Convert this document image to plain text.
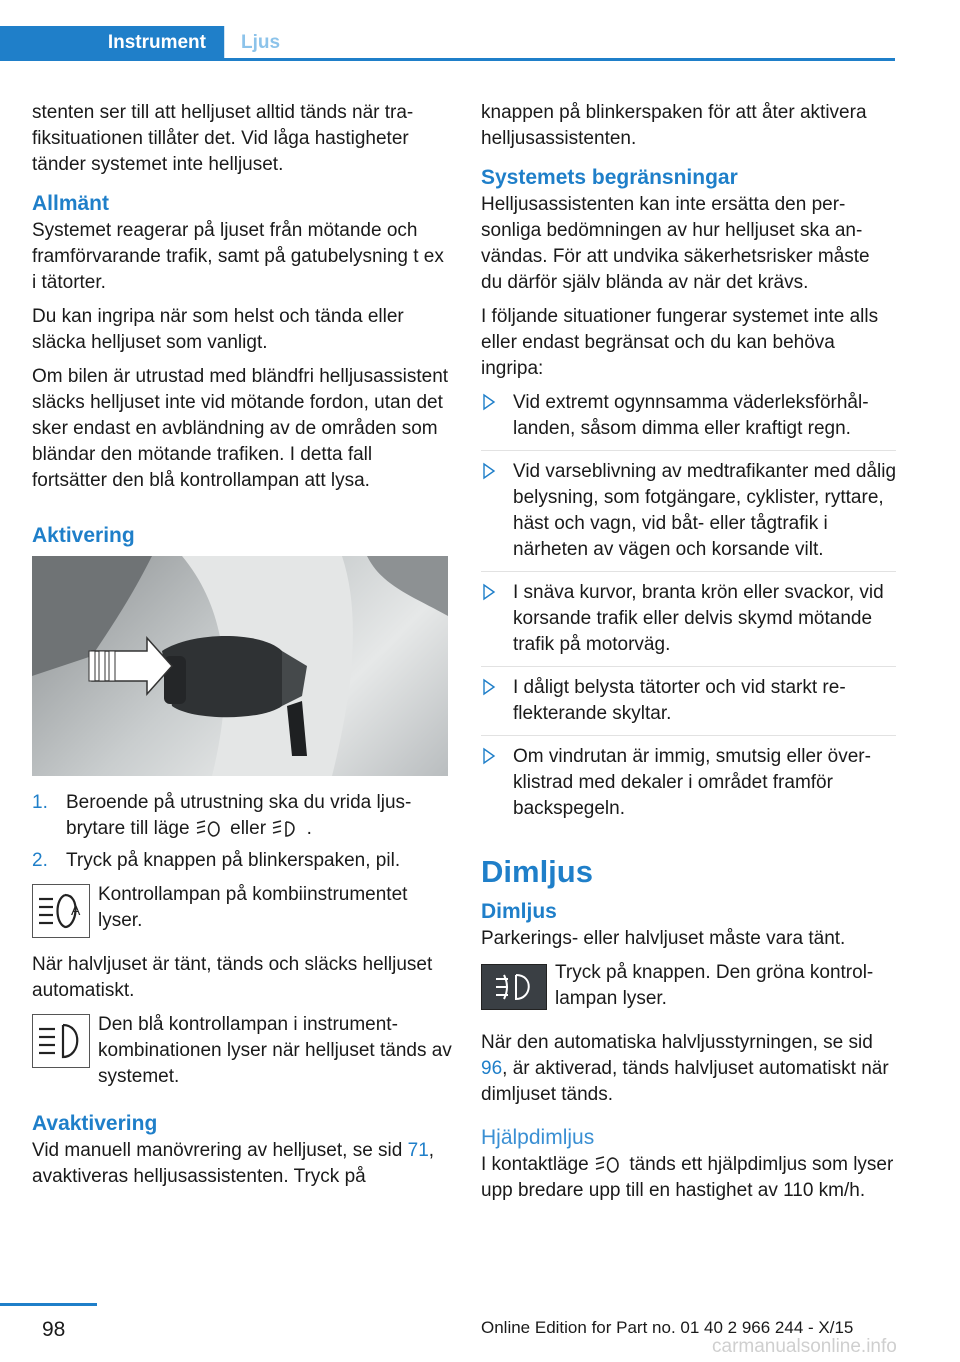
Instrument Ljus

stenten ser till att helljuset alltid tänds när trafiksituationen tillåter det. Vid låga hastigheter tänder systemet inte helljuset.

Allmänt

Systemet reagerar på ljuset från mötande och framförvarande trafik, samt på gatubelysning t ex i tätorter.

Du kan ingripa när som helst och tända eller släcka helljuset som vanligt.

Om bilen är utrustad med bländfri helljusassistent släcks helljuset inte vid mötande fordon, utan det sker endast en avbländning av de områden som bländar den mötande trafiken. I detta fall fortsätter den blå kontrollampan att lysa.

Aktivering
1. Beroende på utrustning ska du vrida ljusbrytare till läge eller .
2. Tryck på knappen på blinkerspaken, pil.
A
Kontrollampan på kombiinstrumentet lyser.

När halvljuset är tänt, tänds och släcks helljuset automatiskt.

Den blå kontrollampan i instrumentkombinationen lyser när helljuset tänds av systemet.
Avaktivering

Vid manuell manövrering av helljuset, se sid 71, avaktiveras helljusassistenten. Tryck på

knappen på blinkerspaken för att åter aktivera helljusassistenten.

Systemets begränsningar

Helljusassistenten kan inte ersätta den personliga bedömningen av hur helljuset ska användas. För att undvika säkerhetsrisker måste du därför själv blända av när det krävs.

I följande situationer fungerar systemet inte alls eller endast begränsat och du kan behöva ingripa:

Vid extremt ogynnsamma väderleksförhållanden, såsom dimma eller kraftigt regn.
Vid varseblivning av medtrafikanter med dålig belysning, som fotgängare, cyklister, ryttare, häst och vagn, vid båt- eller tågtrafik i närheten av vägen och korsande vilt.
I snäva kurvor, branta krön eller svackor, vid korsande trafik eller delvis skymd mötande trafik på motorväg.
I dåligt belysta tätorter och vid starkt reflekterande skyltar.
Om vindrutan är immig, smutsig eller överklistrad med dekaler i området framför backspegeln.
Dimljus
Dimljus

Parkerings- eller halvljuset måste vara tänt.

Tryck på knappen. Den gröna kontrollampan lyser.

När den automatiska halvljusstyrningen, se sid 96, är aktiverad, tänds halvljuset automatiskt när dimljuset tänds.

Hjälpdimljus

I kontaktläge tänds ett hjälpdimljus som lyser upp bredare upp till en hastighet av 110 km/h.

98	Online Edition for Part no. 01 40 2 966 244 - X/15
carmanualsonline.info
